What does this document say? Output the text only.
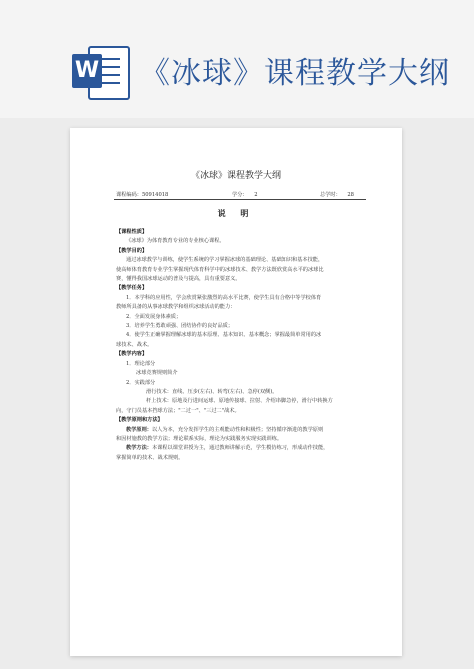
W 《冰球》课程教学大纲
《冰球》课程教学大纲
课程编码：50914018	学分： 2	总学时： 28
说 明
【课程性质】
《冰球》为体育教育专业的专业核心课程。
【教学目的】
通过冰球教学与训练，使学生系统的学习掌握冰球的基础理论、基础知识和基本技能，
使高师体育教育专业学生掌握现代体育科学中的冰球技术、教学方法既欣赏高水平的冰球比
赛，懂得我国冰球运动的普及与提高，具有重要意义。
【教学任务】
1．本学科的应用性，学会欣赏紧张激烈的高水平比赛，使学生具有合格中等学校体育
教师所具备的从事冰球教学和组织冰球活动的能力：
2．全面发展身体素质；
3．培养学生勇敢顽强、团结协作的良好品质；
4．使学生正确掌握理解冰球的基本原理、基本知识、基本概念；掌握最简单常用的冰
球技术、战术。
【教学内容】
1．理论部分
冰球竞赛规则简介
2．实践部分
滑行技术：直线、压步(左右)、转弯(左右)、急停(双侧)。
杆上技术：原地及行进间运球、原地传接球、拉射、介绍串脚急停，滑行中转换方
向，守门员基本挡球方法；"二过一"、"三过二"战术。
【教学原则和方法】
教学原则：以人为本，充分发挥学生的主观能动性和积极性；坚持循序渐进的教学原则
和因材施教的教学方法；理论联系实际，理论为实践服务实现实践训练。
教学方法：本课程以课堂讲授为主，通过教师讲解示范，学生模仿练习，形成动作技能，
掌握简单的技术、战术规则。
